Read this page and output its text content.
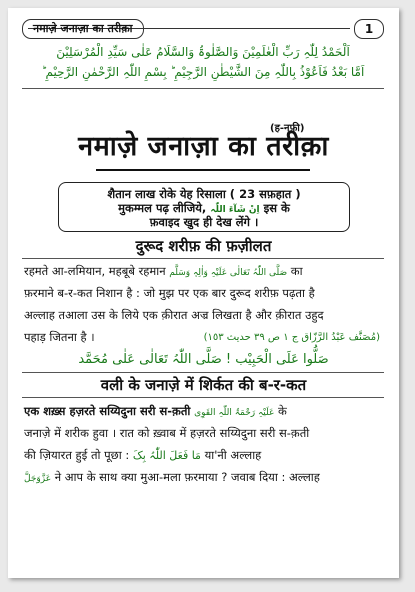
नमाज़े जनाज़ा का तरीक़ा	1
اَلْحَمْدُ لِلّٰہِ رَبِّ الْعٰلَمِیْنَ وَالصَّلٰوۃُ وَالسَّلَامُ عَلٰی سَیِّدِ الْمُرْسَلِیْنَ
اَمَّا بَعْدُ فَاَعُوْذُ بِاللّٰہِ مِنَ الشَّیْطٰنِ الرَّجِیْمِ ؕ بِسْمِ اللّٰہِ الرَّحْمٰنِ الرَّحِیْمِ ؕ
(ह-नफ़ी)
नमाज़े जनाज़ा का तरीक़ा
शैतान लाख रोके येह रिसाला ( 23 सफ़हात )
मुकम्मल पढ़ लीजिये, اِنْ شَآءَ اللّٰہ इस के
फ़वाइद खुद ही देख लेंगे ।
दुरूद शरीफ़ की फ़ज़ीलत
रहमते आ-लमियान, महबूबे रहमान صَلَّی اللّٰہُ تَعَالٰی عَلَیْہِ وَاٰلِہٖ وَسَلَّم का
फ़रमाने ब-र-कत निशान है : जो मुझ पर एक बार दुरूद शरीफ़ पढ़ता है
अल्लाह तआला उस के लिये एक क़ीरात अज्र लिखता है और क़ीरात उहुद
पहाड़ जितना है ।	(مُصَنَّف عَبْدُ الرَّزّاق ج ١ ص ٣٩ حدیث ١٥٣)
صَلُّوا عَلَی الْحَبِیْب ! صَلَّی اللّٰہُ تَعَالٰی عَلٰی مُحَمَّد
वली के जनाज़े में शिर्कत की ब-र-कत
एक शख़्स हज़रते सय्यिदुना सरी स-क़ती عَلَیْہِ رَحْمَۃُ اللّٰہِ القَوِی के
जनाज़े में शरीक हुवा । रात को ख़्वाब में हज़रते सय्यिदुना सरी स-क़ती
की ज़ियारत हुई तो पूछा : مَا فَعَلَ اللّٰہُ بِکَ या'नी अल्लाह
عَزَّوَجَلَّ ने आप के साथ क्या मुआ-मला फ़रमाया ? जवाब दिया : अल्लाह
